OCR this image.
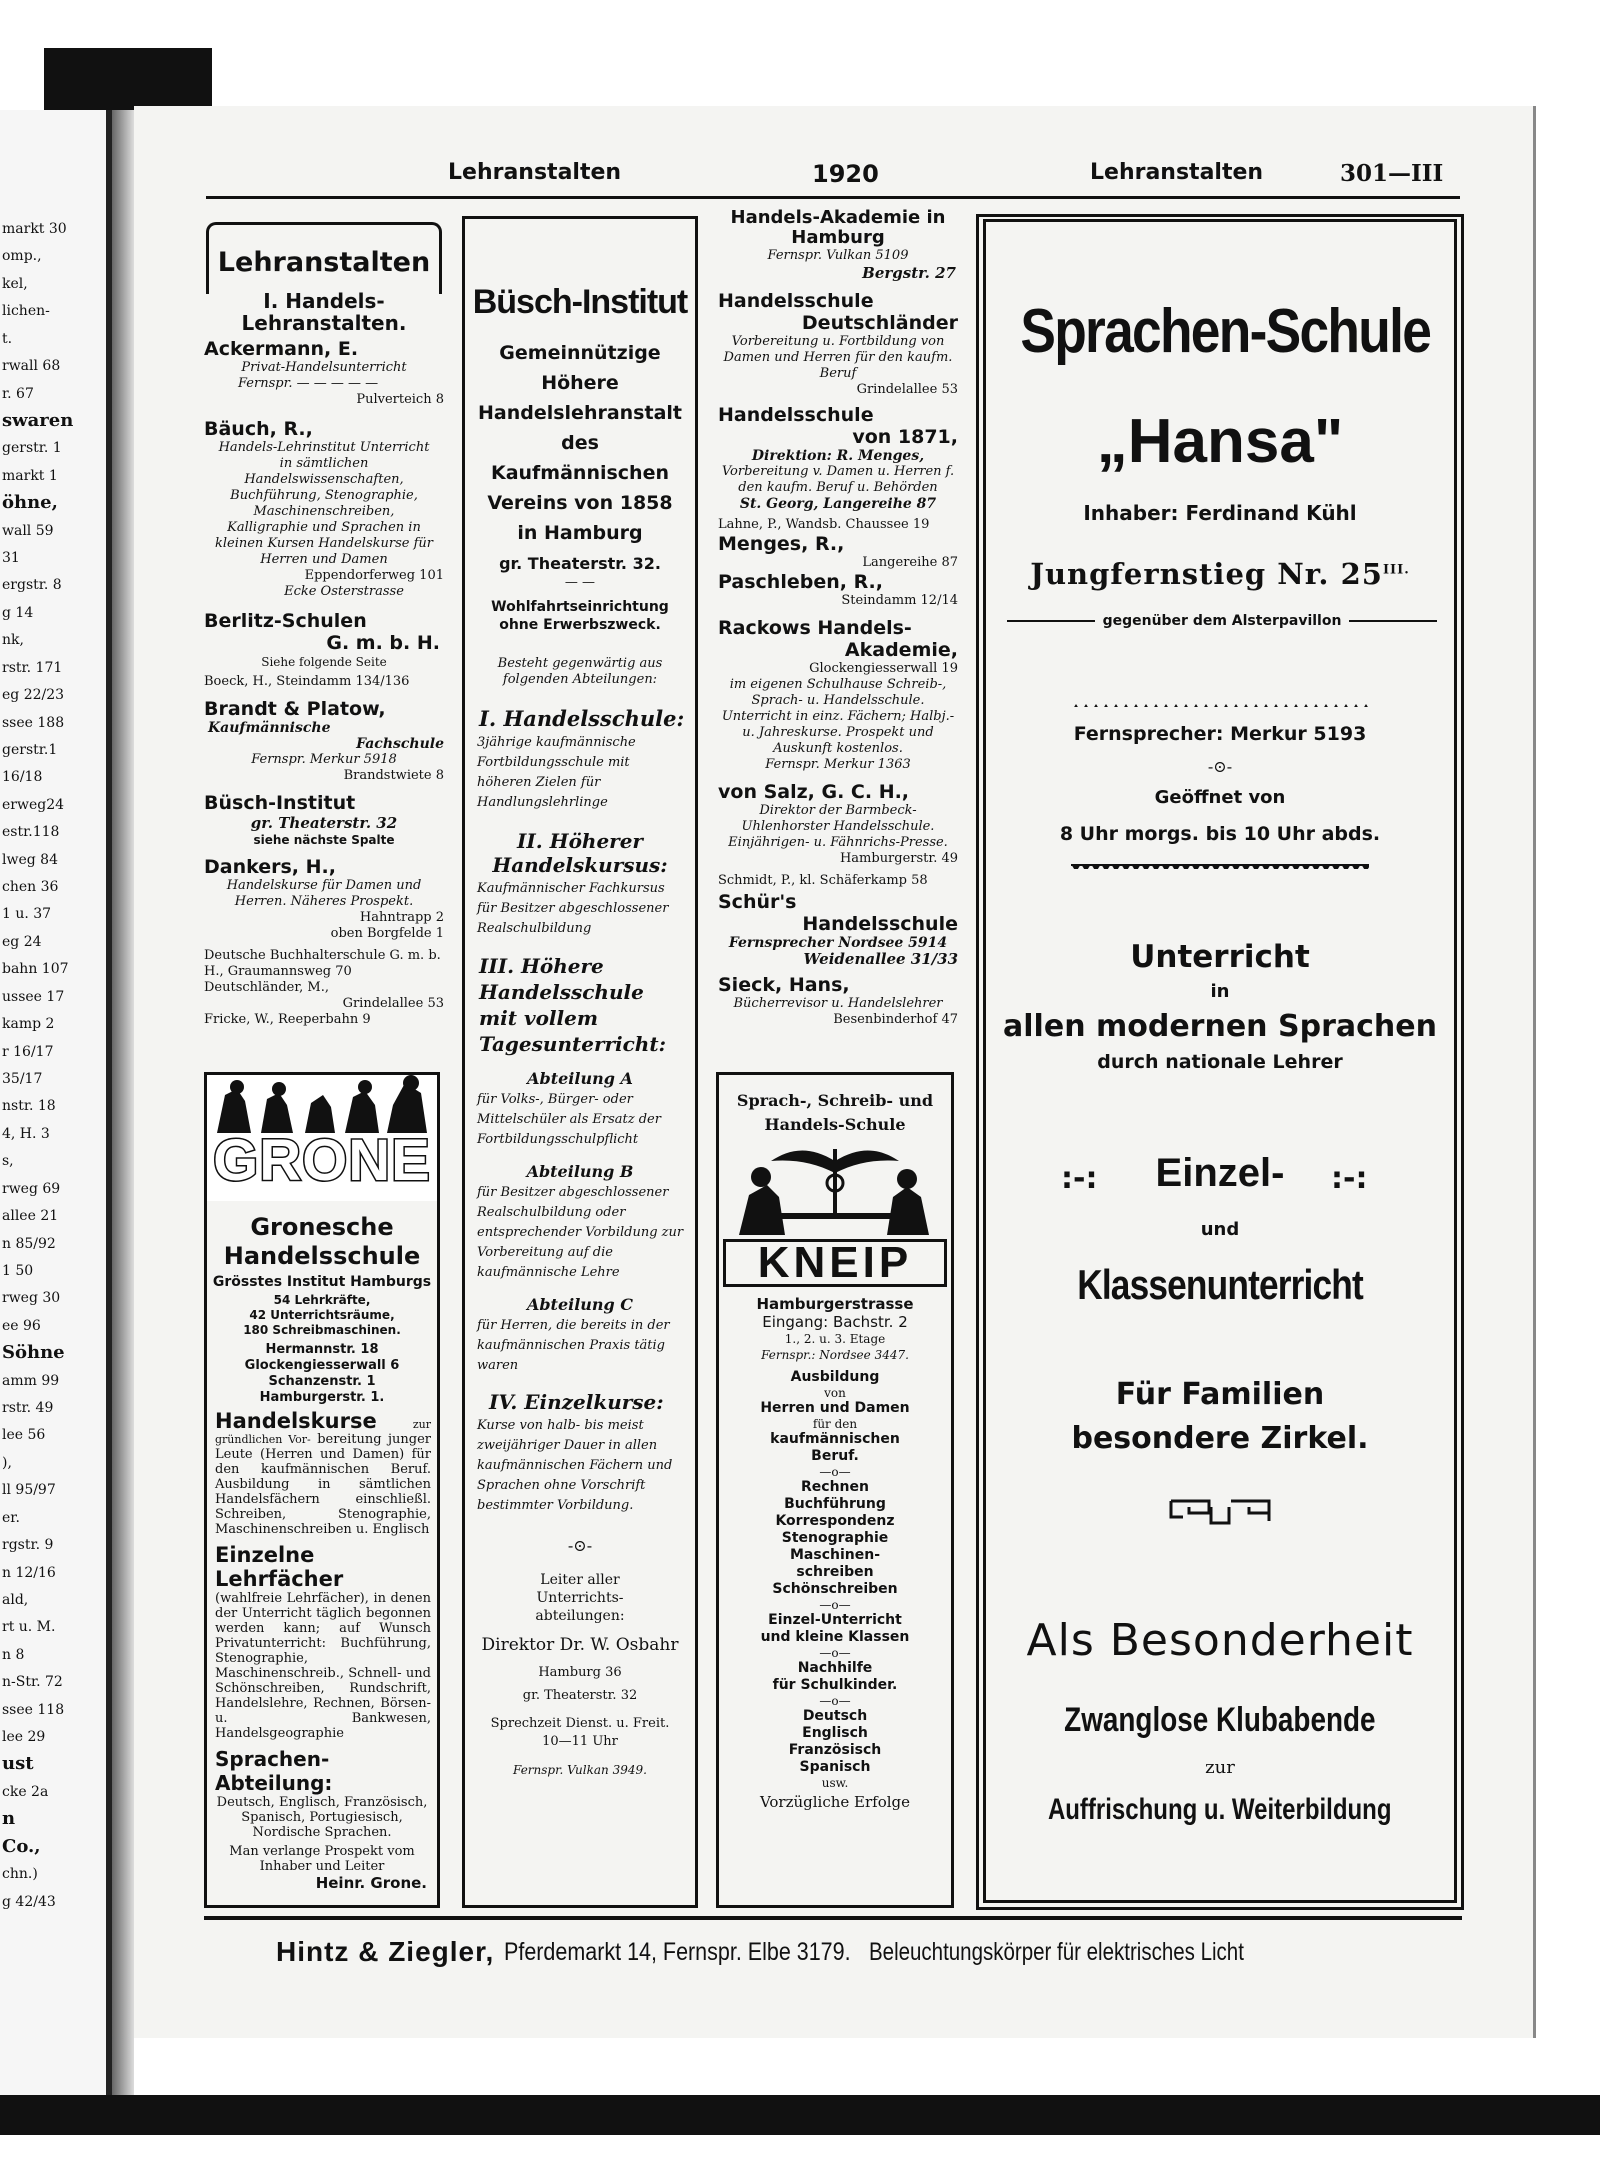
markt 30
omp.,
kel,
lichen-
t.
rwall 68
r. 67
swaren
gerstr. 1
markt 1
öhne,
wall 59
31
ergstr. 8
g 14
nk,
rstr. 171
eg 22/23
ssee 188
gerstr.1
16/18
erweg24
estr.118
lweg 84
chen 36
1 u. 37
eg 24
bahn 107
ussee 17
kamp 2
r 16/17
35/17
nstr. 18
4, H. 3
s,
rweg 69
allee 21
n 85/92
1 50
rweg 30
ee 96
Söhne
amm 99
rstr. 49
lee 56
),
ll 95/97
er.
rgstr. 9
n 12/16
ald,
rt u. M.
n 8
n-Str. 72
ssee 118
lee 29
ust
cke 2a
n
Co.,
chn.)
g 42/43
Lehranstalten	1920	Lehranstalten	301—III
Lehranstalten
I. Handels-Lehranstalten.
Ackermann, E.
Privat-Handelsunterricht
Fernspr. — — — — —
Pulverteich 8
Bäuch, R.,
Handels-Lehrinstitut Unterricht in sämtlichen Handelswissenschaften, Buchführung, Stenographie, Maschinenschreiben, Kalligraphie und Sprachen in kleinen Kursen Handelskurse für Herren und Damen
Eppendorferweg 101
Ecke Osterstrasse
Berlitz-Schulen
G. m. b. H.
Siehe folgende Seite
Boeck, H., Steindamm 134/136
Brandt & Platow,
Kaufmännische
Fachschule
Fernspr. Merkur 5918
Brandstwiete 8
Büsch-Institut
gr. Theaterstr. 32
siehe nächste Spalte
Dankers, H.,
Handelskurse für Damen und Herren. Näheres Prospekt.
Hahntrapp 2
oben Borgfelde 1
Deutsche Buchhalterschule G. m. b. H., Graumannsweg 70
Deutschländer, M.,
Grindelallee 53
Fricke, W., Reeperbahn 9
GRONE
Gronesche Handelsschule
Grösstes Institut Hamburgs
54 Lehrkräfte,
42 Unterrichtsräume,
180 Schreibmaschinen.
Hermannstr. 18
Glockengiesserwall 6
Schanzenstr. 1
Hamburgerstr. 1.
Handelskurse	zur gründlichen Vor- bereitung junger Leute (Herren und Damen) für den kaufmännischen Beruf. Ausbildung in sämtlichen Handelsfächern einschließl. Schreiben, Stenographie, Maschinenschreiben u. Englisch
Einzelne Lehrfächer
(wahlfreie Lehrfächer), in denen der Unterricht täglich begonnen werden kann; auf Wunsch Privatunterricht: Buchführung, Stenographie, Maschinenschreib., Schnell- und Schönschreiben, Rundschrift, Handelslehre, Rechnen, Börsen- u. Bankwesen, Handelsgeographie
Sprachen-Abteilung:
Deutsch, Englisch, Französisch, Spanisch, Portugiesisch, Nordische Sprachen.
Man verlange Prospekt vom Inhaber und Leiter
Heinr. Grone.
Büsch-Institut
Gemeinnützige
Höhere
Handelslehranstalt
des
Kaufmännischen
Vereins von 1858
in Hamburg
gr. Theaterstr. 32.
— —
Wohlfahrtseinrichtung
ohne Erwerbszweck.
Besteht gegenwärtig aus folgenden Abteilungen:
I. Handelsschule:
3jährige kaufmännische Fortbildungsschule mit höheren Zielen für Handlungslehrlinge
II. Höherer Handelskursus:
Kaufmännischer Fachkursus für Besitzer abgeschlossener Realschulbildung
III. Höhere Handelsschule mit vollem Tagesunterricht:
Abteilung A
für Volks-, Bürger- oder Mittelschüler als Ersatz der Fortbildungsschulpflicht
Abteilung B
für Besitzer abgeschlossener Realschulbildung oder entsprechender Vorbildung zur Vorbereitung auf die kaufmännische Lehre
Abteilung C
für Herren, die bereits in der kaufmännischen Praxis tätig waren
IV. Einzelkurse:
Kurse von halb- bis meist zweijähriger Dauer in allen kaufmännischen Fächern und Sprachen ohne Vorschrift bestimmter Vorbildung.
-⊙-
Leiter aller Unterrichts-abteilungen:
Direktor Dr. W. Osbahr
Hamburg 36
gr. Theaterstr. 32
Sprechzeit Dienst. u. Freit. 10—11 Uhr
Fernspr. Vulkan 3949.
Handels-Akademie in Hamburg
Fernspr. Vulkan 5109
Bergstr. 27
Handelsschule
Deutschländer
Vorbereitung u. Fortbildung von Damen und Herren für den kaufm. Beruf
Grindelallee 53
Handelsschule
von 1871,
Direktion: R. Menges,
Vorbereitung v. Damen u. Herren f. den kaufm. Beruf u. Behörden
St. Georg, Langereihe 87
Lahne, P., Wandsb. Chaussee 19
Menges, R.,
Langereihe 87
Paschleben, R.,
Steindamm 12/14
Rackows Handels-
Akademie,
Glockengiesserwall 19
im eigenen Schulhause Schreib-, Sprach- u. Handelsschule. Unterricht in einz. Fächern; Halbj.- u. Jahreskurse. Prospekt und Auskunft kostenlos.
Fernspr. Merkur 1363
von Salz, G. C. H.,
Direktor der Barmbeck-Uhlenhorster Handelsschule. Einjährigen- u. Fähnrichs-Presse.
Hamburgerstr. 49
Schmidt, P., kl. Schäferkamp 58
Schür's
Handelsschule
Fernsprecher Nordsee 5914
Weidenallee 31/33
Sieck, Hans,
Bücherrevisor u. Handelslehrer
Besenbinderhof 47
Sprach-, Schreib- und Handels-Schule
KNEIP
Hamburgerstrasse
Eingang: Bachstr. 2
1., 2. u. 3. Etage
Fernspr.: Nordsee 3447.
Ausbildung
von
Herren und Damen
für den
kaufmännischen
Beruf.
—o—
Rechnen
Buchführung
Korrespondenz
Stenographie
Maschinen-
schreiben
Schönschreiben
—o—
Einzel-Unterricht
und kleine Klassen
—o—
Nachhilfe
für Schulkinder.
—o—
Deutsch
Englisch
Französisch
Spanisch
usw.
Vorzügliche Erfolge
Sprachen-Schule
„Hansa"
Inhaber: Ferdinand Kühl
Jungfernstieg Nr. $25^{III.}$
gegenüber dem Alsterpavillon
Fernsprecher: Merkur 5193
-⊙-
Geöffnet von
8 Uhr morgs. bis 10 Uhr abds.
Unterricht
in
allen modernen Sprachen
durch nationale Lehrer
:-:	Einzel-	:-:
und
Klassenunterricht
Für Familien
besondere Zirkel.
Als Besonderheit
Zwanglose Klubabende
zur
Auffrischung u. Weiterbildung
Hintz & Ziegler, Pferdemarkt 14, Fernspr. Elbe 3179. Beleuchtungskörper für elektrisches Licht
